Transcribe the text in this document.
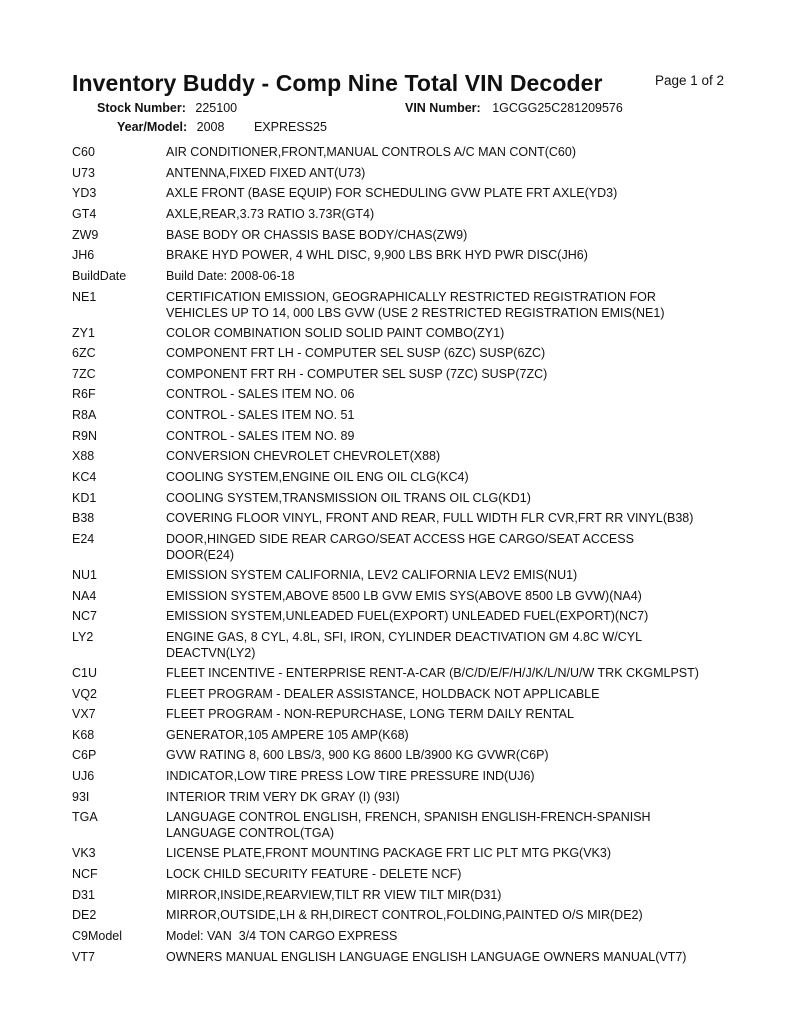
Inventory Buddy - Comp Nine Total VIN Decoder	Page 1 of 2
Stock Number: 225100	VIN Number: 1GCGG25C281209576
Year/Model: 2008 EXPRESS25
C60	AIR CONDITIONER,FRONT,MANUAL CONTROLS A/C MAN CONT(C60)
U73	ANTENNA,FIXED FIXED ANT(U73)
YD3	AXLE FRONT (BASE EQUIP) FOR SCHEDULING GVW PLATE FRT AXLE(YD3)
GT4	AXLE,REAR,3.73 RATIO 3.73R(GT4)
ZW9	BASE BODY OR CHASSIS BASE BODY/CHAS(ZW9)
JH6	BRAKE HYD POWER, 4 WHL DISC, 9,900 LBS BRK HYD PWR DISC(JH6)
BuildDate	Build Date: 2008-06-18
NE1	CERTIFICATION EMISSION, GEOGRAPHICALLY RESTRICTED REGISTRATION FOR
VEHICLES UP TO 14, 000 LBS GVW (USE 2 RESTRICTED REGISTRATION EMIS(NE1)
ZY1	COLOR COMBINATION SOLID SOLID PAINT COMBO(ZY1)
6ZC	COMPONENT FRT LH - COMPUTER SEL SUSP (6ZC) SUSP(6ZC)
7ZC	COMPONENT FRT RH - COMPUTER SEL SUSP (7ZC) SUSP(7ZC)
R6F	CONTROL - SALES ITEM NO. 06
R8A	CONTROL - SALES ITEM NO. 51
R9N	CONTROL - SALES ITEM NO. 89
X88	CONVERSION CHEVROLET CHEVROLET(X88)
KC4	COOLING SYSTEM,ENGINE OIL ENG OIL CLG(KC4)
KD1	COOLING SYSTEM,TRANSMISSION OIL TRANS OIL CLG(KD1)
B38	COVERING FLOOR VINYL, FRONT AND REAR, FULL WIDTH FLR CVR,FRT RR VINYL(B38)
E24	DOOR,HINGED SIDE REAR CARGO/SEAT ACCESS HGE CARGO/SEAT ACCESS
DOOR(E24)
NU1	EMISSION SYSTEM CALIFORNIA, LEV2 CALIFORNIA LEV2 EMIS(NU1)
NA4	EMISSION SYSTEM,ABOVE 8500 LB GVW EMIS SYS(ABOVE 8500 LB GVW)(NA4)
NC7	EMISSION SYSTEM,UNLEADED FUEL(EXPORT) UNLEADED FUEL(EXPORT)(NC7)
LY2	ENGINE GAS, 8 CYL, 4.8L, SFI, IRON, CYLINDER DEACTIVATION GM 4.8C W/CYL
DEACTVN(LY2)
C1U	FLEET INCENTIVE - ENTERPRISE RENT-A-CAR (B/C/D/E/F/H/J/K/L/N/U/W TRK CKGMLPST)
VQ2	FLEET PROGRAM - DEALER ASSISTANCE, HOLDBACK NOT APPLICABLE
VX7	FLEET PROGRAM - NON-REPURCHASE, LONG TERM DAILY RENTAL
K68	GENERATOR,105 AMPERE 105 AMP(K68)
C6P	GVW RATING 8, 600 LBS/3, 900 KG 8600 LB/3900 KG GVWR(C6P)
UJ6	INDICATOR,LOW TIRE PRESS LOW TIRE PRESSURE IND(UJ6)
93I	INTERIOR TRIM VERY DK GRAY (I) (93I)
TGA	LANGUAGE CONTROL ENGLISH, FRENCH, SPANISH ENGLISH-FRENCH-SPANISH
LANGUAGE CONTROL(TGA)
VK3	LICENSE PLATE,FRONT MOUNTING PACKAGE FRT LIC PLT MTG PKG(VK3)
NCF	LOCK CHILD SECURITY FEATURE - DELETE NCF)
D31	MIRROR,INSIDE,REARVIEW,TILT RR VIEW TILT MIR(D31)
DE2	MIRROR,OUTSIDE,LH & RH,DIRECT CONTROL,FOLDING,PAINTED O/S MIR(DE2)
C9Model	Model: VAN  3/4 TON CARGO EXPRESS
VT7	OWNERS MANUAL ENGLISH LANGUAGE ENGLISH LANGUAGE OWNERS MANUAL(VT7)
